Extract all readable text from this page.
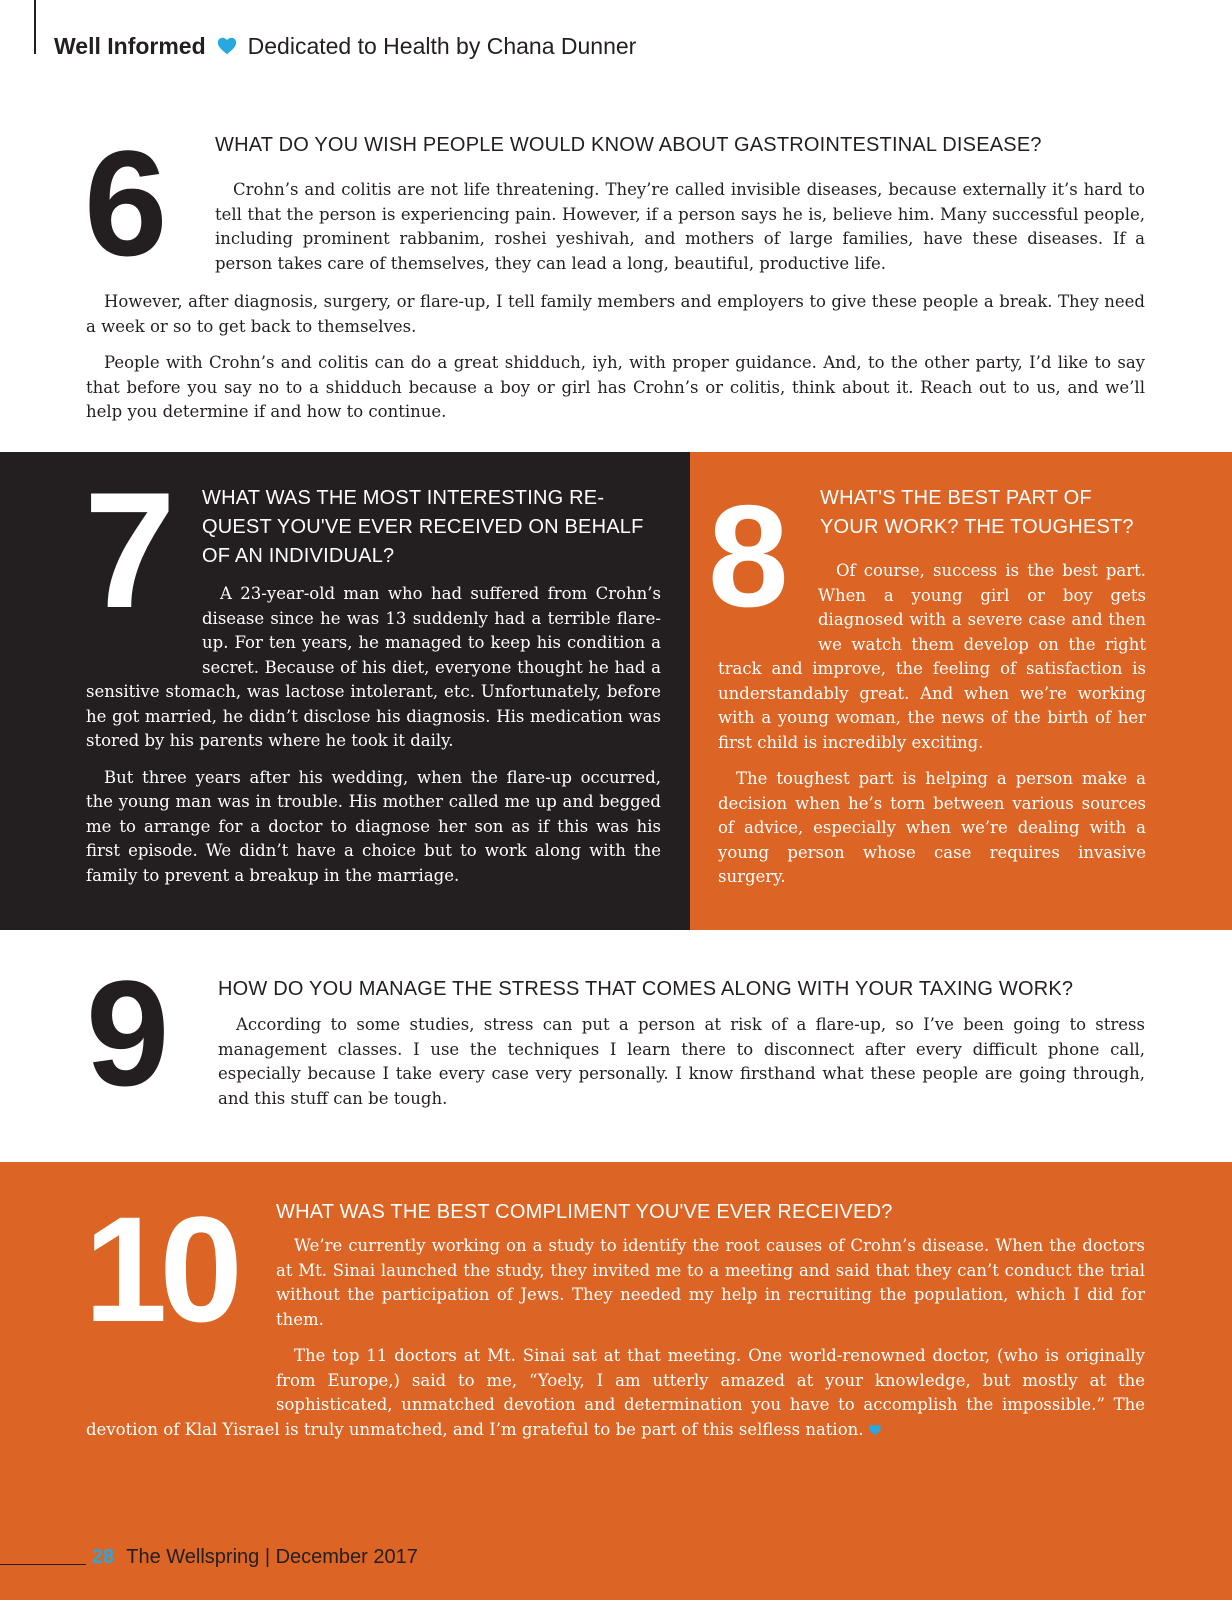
Well Informed Dedicated to Health by Chana Dunner
6	WHAT DO YOU WISH PEOPLE WOULD KNOW ABOUT GASTROINTESTINAL DISEASE?

Crohn’s and colitis are not life threatening. They’re called invisible diseases, because externally it’s hard to tell that the person is experiencing pain. However, if a person says he is, believe him. Many successful people, including prominent rabbanim, roshei yeshivah, and mothers of large families, have these diseases. If a person takes care of themselves, they can lead a long, beautiful, productive life.

However, after diagnosis, surgery, or flare-up, I tell family members and employers to give these people a break. They need a week or so to get back to themselves.

People with Crohn’s and colitis can do a great shidduch, iyh, with proper guidance. And, to the other party, I’d like to say that before you say no to a shidduch because a boy or girl has Crohn’s or colitis, think about it. Reach out to us, and we’ll help you determine if and how to continue.

7 WHAT WAS THE MOST INTERESTING RE-QUEST YOU'VE EVER RECEIVED ON BEHALF OF AN INDIVIDUAL?

A 23-year-old man who had suffered from Crohn’s disease since he was 13 suddenly had a terrible flare-up. For ten years, he managed to keep his condition a secret. Because of his diet, everyone thought he had a sensitive stomach, was lactose intolerant, etc. Unfortunately, before he got married, he didn’t disclose his diagnosis. His medication was stored by his parents where he took it daily.

But three years after his wedding, when the flare-up occurred, the young man was in trouble. His mother called me up and begged me to arrange for a doctor to diagnose her son as if this was his first episode. We didn’t have a choice but to work along with the family to prevent a breakup in the marriage.

8 WHAT'S THE BEST PART OF YOUR WORK? THE TOUGHEST?

Of course, success is the best part. When a young girl or boy gets diagnosed with a severe case and then we watch them develop on the right track and improve, the feeling of satisfaction is understandably great. And when we’re working with a young woman, the news of the birth of her first child is incredibly exciting.

The toughest part is helping a person make a decision when he’s torn between various sources of advice, especially when we’re dealing with a young person whose case requires invasive surgery.

9	HOW DO YOU MANAGE THE STRESS THAT COMES ALONG WITH YOUR TAXING WORK?

According to some studies, stress can put a person at risk of a flare-up, so I’ve been going to stress management classes. I use the techniques I learn there to disconnect after every difficult phone call, especially because I take every case very personally. I know firsthand what these people are going through, and this stuff can be tough.

10 WHAT WAS THE BEST COMPLIMENT YOU'VE EVER RECEIVED?

We’re currently working on a study to identify the root causes of Crohn’s disease. When the doctors at Mt. Sinai launched the study, they invited me to a meeting and said that they can’t conduct the trial without the participation of Jews. They needed my help in recruiting the population, which I did for them.

The top 11 doctors at Mt. Sinai sat at that meeting. One world-renowned doctor, (who is originally from Europe,) said to me, “Yoely, I am utterly amazed at your knowledge, but mostly at the sophisticated, unmatched devotion and determination you have to accomplish the impossible.” The devotion of Klal Yisrael is truly unmatched, and I’m grateful to be part of this selfless nation.

28 The Wellspring | December 2017
